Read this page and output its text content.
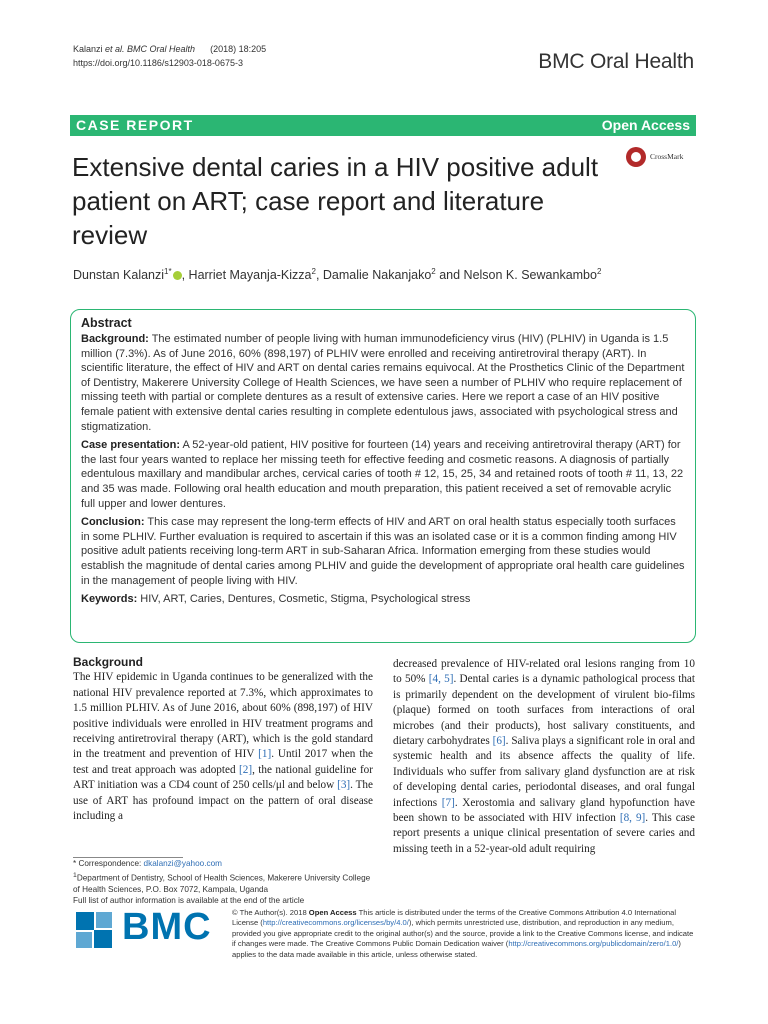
Kalanzi et al. BMC Oral Health (2018) 18:205
https://doi.org/10.1186/s12903-018-0675-3	BMC Oral Health
CASE REPORT	Open Access
Extensive dental caries in a HIV positive adult patient on ART; case report and literature review
CrossMark
Dunstan Kalanzi$^{1*}$ , Harriet Mayanja-Kizza$^2$, Damalie Nakanjako$^2$ and Nelson K. Sewankambo$^2$
Abstract

Background: The estimated number of people living with human immunodeficiency virus (HIV) (PLHIV) in Uganda is 1.5 million (7.3%). As of June 2016, 60% (898,197) of PLHIV were enrolled and receiving antiretroviral therapy (ART). In scientific literature, the effect of HIV and ART on dental caries remains equivocal. At the Prosthetics Clinic of the Department of Dentistry, Makerere University College of Health Sciences, we have seen a number of PLHIV who require replacement of missing teeth with partial or complete dentures as a result of extensive caries. Here we report a case of an HIV positive female patient with extensive dental caries resulting in complete edentulous jaws, associated with psychological stress and stigmatization.

Case presentation: A 52-year-old patient, HIV positive for fourteen (14) years and receiving antiretroviral therapy (ART) for the last four years wanted to replace her missing teeth for effective feeding and cosmetic reasons. A diagnosis of partially edentulous maxillary and mandibular arches, cervical caries of tooth # 12, 15, 25, 34 and retained roots of tooth # 11, 13, 22 and 35 was made. Following oral health education and mouth preparation, this patient received a set of removable acrylic full upper and lower dentures.

Conclusion: This case may represent the long-term effects of HIV and ART on oral health status especially tooth surfaces in some PLHIV. Further evaluation is required to ascertain if this was an isolated case or it is a common finding among HIV positive adult patients receiving long-term ART in sub-Saharan Africa. Information emerging from these studies would establish the magnitude of dental caries among PLHIV and guide the development of appropriate oral health care guidelines in the management of people living with HIV.

Keywords: HIV, ART, Caries, Dentures, Cosmetic, Stigma, Psychological stress

Background
The HIV epidemic in Uganda continues to be generalized with the national HIV prevalence reported at 7.3%, which approximates to 1.5 million PLHIV. As of June 2016, about 60% (898,197) of HIV positive individuals were enrolled in HIV treatment programs and receiving antiretroviral therapy (ART), which is the gold standard in the treatment and prevention of HIV [1]. Until 2017 when the test and treat approach was adopted [2], the national guideline for ART initiation was a CD4 count of 250 cells/μl and below [3]. The use of ART has profound impact on the pattern of oral disease including a
decreased prevalence of HIV-related oral lesions ranging from 10 to 50% [4, 5]. Dental caries is a dynamic pathological process that is primarily dependent on the development of virulent bio-films (plaque) formed on tooth surfaces from interactions of oral microbes (and their products), host salivary constituents, and dietary carbohydrates [6]. Saliva plays a significant role in oral and systemic health and its absence affects the quality of life. Individuals who suffer from salivary gland dysfunction are at risk of developing dental caries, periodontal diseases, and oral fungal infections [7]. Xerostomia and salivary gland hypofunction have been shown to be associated with HIV infection [8, 9]. This case report presents a unique clinical presentation of severe caries and missing teeth in a 52-year-old adult requiring
* Correspondence: dkalanzi@yahoo.com
$^1$Department of Dentistry, School of Health Sciences, Makerere University College of Health Sciences, P.O. Box 7072, Kampala, Uganda
Full list of author information is available at the end of the article
BMC	© The Author(s). 2018 Open Access This article is distributed under the terms of the Creative Commons Attribution 4.0 International License (http://creativecommons.org/licenses/by/4.0/), which permits unrestricted use, distribution, and reproduction in any medium, provided you give appropriate credit to the original author(s) and the source, provide a link to the Creative Commons license, and indicate if changes were made. The Creative Commons Public Domain Dedication waiver (http://creativecommons.org/publicdomain/zero/1.0/) applies to the data made available in this article, unless otherwise stated.
